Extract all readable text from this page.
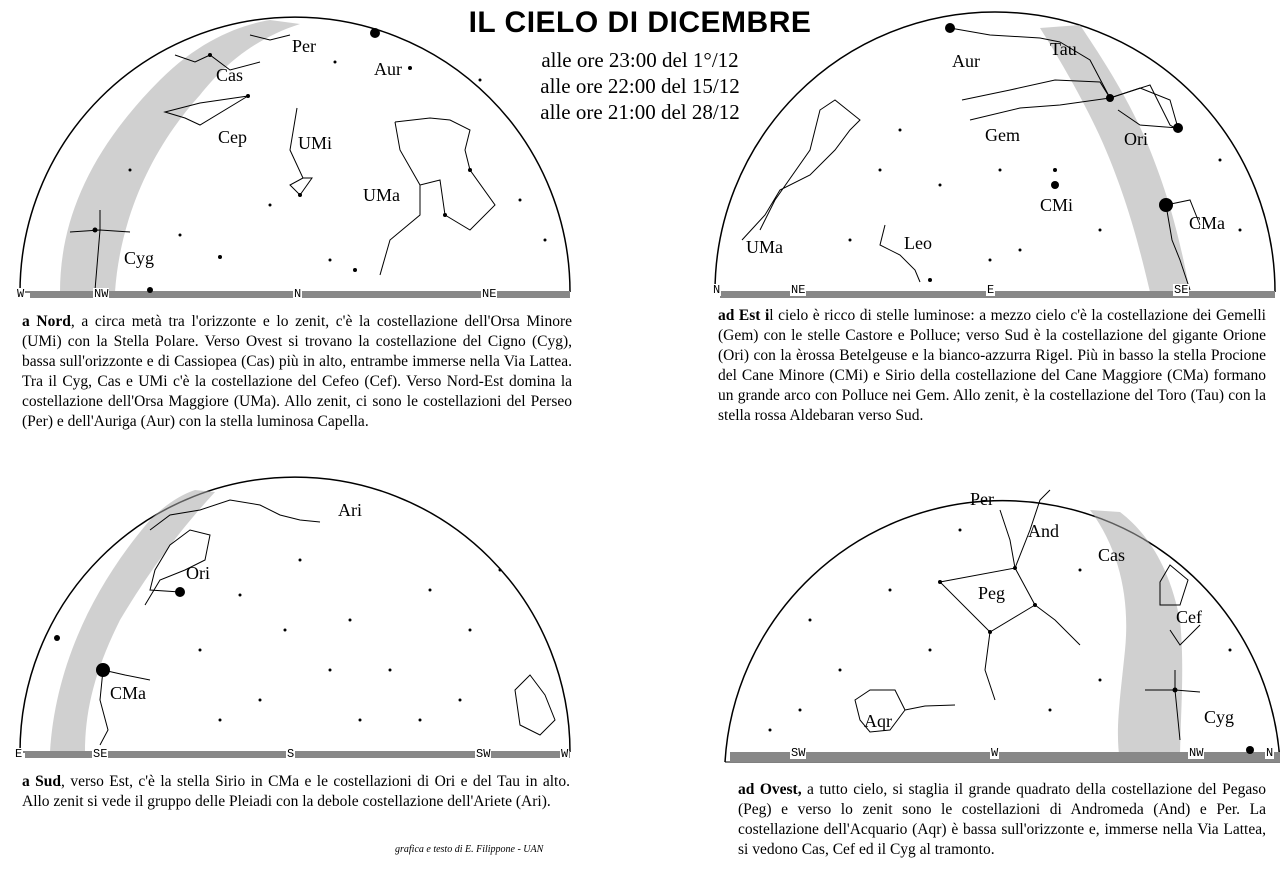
IL CIELO DI DICEMBRE
alle ore 23:00 del 1°/12
alle ore 22:00 del 15/12
alle ore 21:00 del 28/12
Per
Aur
Cas
Cep	UMi
UMa
Cyg
W	NW	N	NE
a Nord, a circa metà tra l'orizzonte e lo zenit, c'è la costellazione dell'Orsa Minore (UMi) con la Stella Polare. Verso Ovest si trovano la costellazione del Cigno (Cyg), bassa sull'orizzonte e di Cassiopea (Cas) più in alto, entrambe immerse nella Via Lattea. Tra il Cyg, Cas e UMi c'è la costellazione del Cefeo (Cef). Verso Nord-Est domina la costellazione dell'Orsa Maggiore (UMa). Allo zenit, ci sono le costellazioni del Perseo (Per) e dell'Auriga (Aur) con la stella luminosa Capella.
Aur
Tau
Gem	Ori
CMi
CMa
Leo
UMa
N	NE	E	SE
ad Est il cielo è ricco di stelle luminose: a mezzo cielo c'è la costellazione dei Gemelli (Gem) con le stelle Castore e Polluce; verso Sud è la costellazione del gigante Orione (Ori) con la èrossa Betelgeuse e la bianco-azzurra Rigel. Più in basso la stella Procione del Cane Minore (CMi) e Sirio della costellazione del Cane Maggiore (CMa) formano un grande arco con Polluce nei Gem. Allo zenit, è la costellazione del Toro (Tau) con la stella rossa Aldebaran verso Sud.
Ari
Ori
CMa
E	SE	S	SW	W
a Sud, verso Est, c'è la stella Sirio in CMa e le costellazioni di Ori e del Tau in alto. Allo zenit si vede il gruppo delle Pleiadi con la debole costellazione dell'Ariete (Ari).
grafica e testo di E. Filippone - UAN
Per
And
Cas
Peg
Cef
Aqr	Cyg
SW	W	NW	N
ad Ovest, a tutto cielo, si staglia il grande quadrato della costellazione del Pegaso (Peg) e verso lo zenit sono le costellazioni di Andromeda (And) e Per. La costellazione dell'Acquario (Aqr) è bassa sull'orizzonte e, immerse nella Via Lattea, si vedono Cas, Cef ed il Cyg al tramonto.
